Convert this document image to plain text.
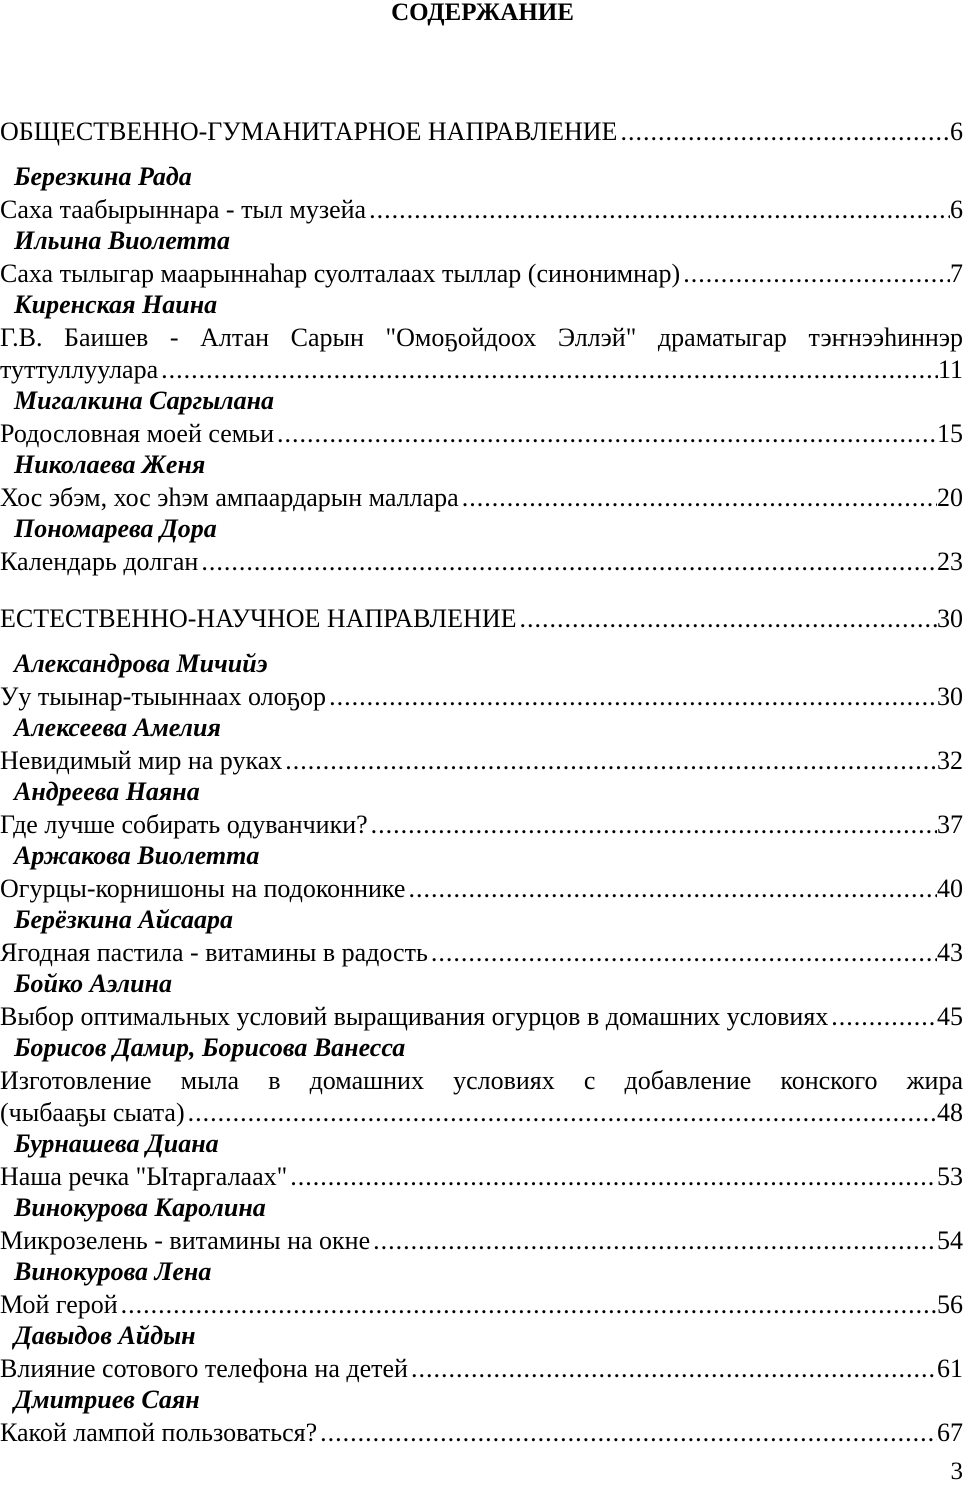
СОДЕРЖАНИЕ
ОБЩЕСТВЕННО-ГУМАНИТАРНОЕ НАПРАВЛЕНИЕ .....	6
Березкина Рада
Саха таабырыннара - тыл музейа .....	6
Ильина Виолетта
Саха тылыгар маарыннаһар суолталаах тыллар (синонимнар) .....	7
Киренская Наина
Г.В. Баишев - Алтан Сарын "Омоҕойдоох Эллэй" драматыгар тэҥнээһиннэр
туттуллуулара .....	11
Мигалкина Саргылана
Родословная моей семьи .....	15
Николаева Женя
Хос эбэм, хос эһэм ампаардарын маллара .....	20
Пономарева Дора
Календарь долган .....	23
ЕСТЕСТВЕННО-НАУЧНОЕ НАПРАВЛЕНИЕ .....	30
Александрова Мичийэ
Уу тыынар-тыыннаах олоҕор .....	30
Алексеева Амелия
Невидимый мир на руках .....	32
Андреева Наяна
Где лучше собирать одуванчики? .....	37
Аржакова Виолетта
Огурцы-корнишоны на подоконнике .....	40
Берёзкина Айсаара
Ягодная пастила - витамины в радость .....	43
Бойко Аэлина
Выбор оптимальных условий выращивания огурцов в домашних условиях .....	45
Борисов Дамир, Борисова Ванесса
Изготовление мыла в домашних условиях с добавление конского жира
(чыбааҕы сыата) .....	48
Бурнашева Диана
Наша речка "Ытаргалаах" .....	53
Винокурова Каролина
Микрозелень - витамины на окне .....	54
Винокурова Лена
Мой герой .....	56
Давыдов Айдын
Влияние сотового телефона на детей .....	61
Дмитриев Саян
Какой лампой пользоваться? .....	67
3
